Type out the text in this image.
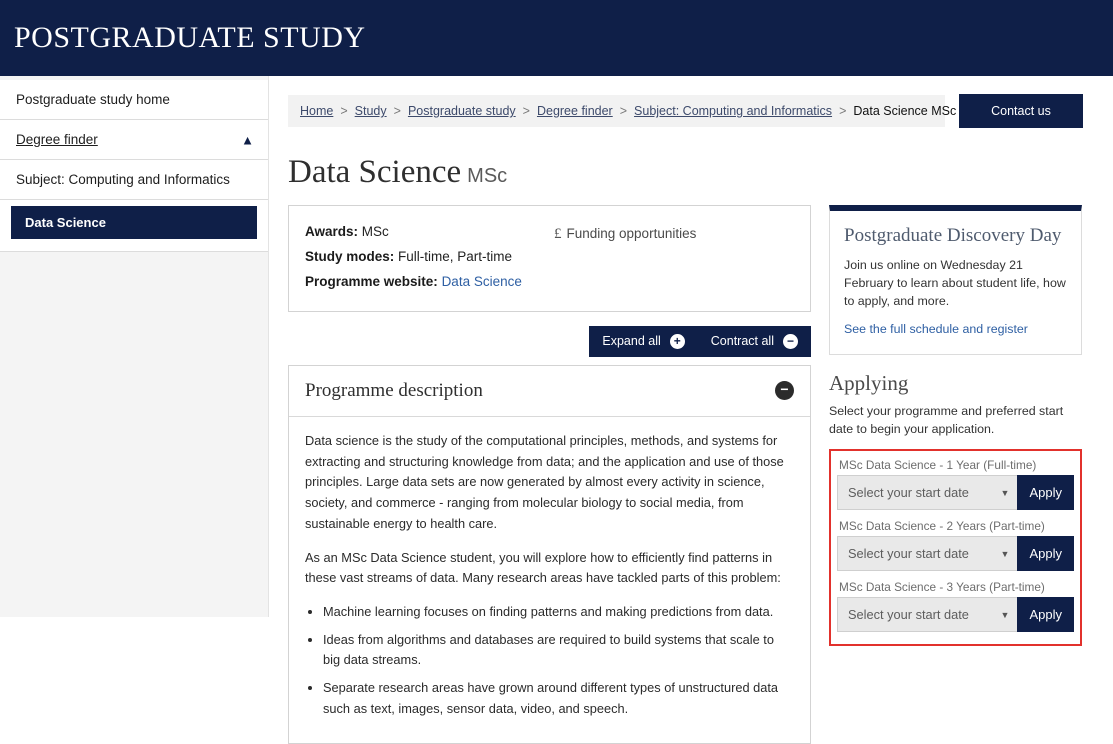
POSTGRADUATE STUDY
Postgraduate study home
Degree finder	▲
Subject: Computing and Informatics
Data Science
Home > Study > Postgraduate study > Degree finder > Subject: Computing and Informatics > Data Science MSc	Contact us
Data Science MSc
Awards: MSc
Study modes: Full-time, Part-time
Programme website: Data Science
£ Funding opportunities
Expand all	+	Contract all	−
Programme description	−

Data science is the study of the computational principles, methods, and systems for extracting and structuring knowledge from data; and the application and use of those principles. Large data sets are now generated by almost every activity in science, society, and commerce - ranging from molecular biology to social media, from sustainable energy to health care.

As an MSc Data Science student, you will explore how to efficiently find patterns in these vast streams of data. Many research areas have tackled parts of this problem:

• Machine learning focuses on finding patterns and making predictions from data.
• Ideas from algorithms and databases are required to build systems that scale to big data streams.
• Separate research areas have grown around different types of unstructured data such as text, images, sensor data, video, and speech.
Postgraduate Discovery Day

Join us online on Wednesday 21 February to learn about student life, how to apply, and more.

See the full schedule and register
Applying

Select your programme and preferred start date to begin your application.

MSc Data Science - 1 Year (Full-time)
Select your start date	▼	Apply
MSc Data Science - 2 Years (Part-time)
Select your start date	▼	Apply
MSc Data Science - 3 Years (Part-time)
Select your start date	▼	Apply
